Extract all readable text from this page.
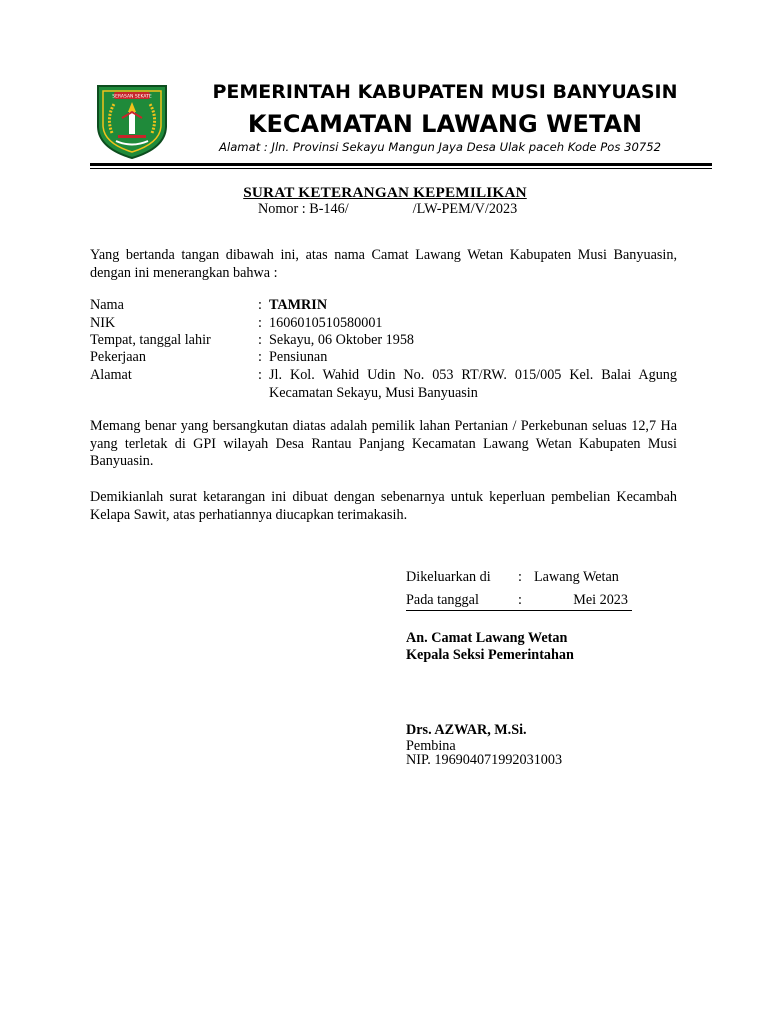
SERASAN SEKATE	PEMERINTAH KABUPATEN MUSI BANYUASIN
KECAMATAN LAWANG WETAN
Alamat : Jln. Provinsi Sekayu Mangun Jaya Desa Ulak paceh Kode Pos 30752
SURAT KETERANGAN KEPEMILIKAN
Nomor : B-146/	/LW-PEM/V/2023
Yang bertanda tangan dibawah ini, atas nama Camat Lawang Wetan Kabupaten Musi Banyuasin, dengan ini menerangkan bahwa :
Nama	: TAMRIN
NIK	: 1606010510580001
Tempat, tanggal lahir	: Sekayu, 06 Oktober 1958
Pekerjaan	: Pensiunan
Alamat	: Jl. Kol. Wahid Udin No. 053 RT/RW. 015/005 Kel. Balai Agung Kecamatan Sekayu, Musi Banyuasin
Memang benar yang bersangkutan diatas adalah pemilik lahan Pertanian / Perkebunan seluas 12,7 Ha yang terletak di GPI wilayah Desa Rantau Panjang Kecamatan Lawang Wetan Kabupaten Musi Banyuasin.
Demikianlah surat ketarangan ini dibuat dengan sebenarnya untuk keperluan pembelian Kecambah Kelapa Sawit, atas perhatiannya diucapkan terimakasih.
Dikeluarkan di : Lawang Wetan
Pada tanggal	:	Mei 2023
An. Camat Lawang Wetan
Kepala Seksi Pemerintahan
Drs. AZWAR, M.Si.
Pembina
NIP. 196904071992031003
